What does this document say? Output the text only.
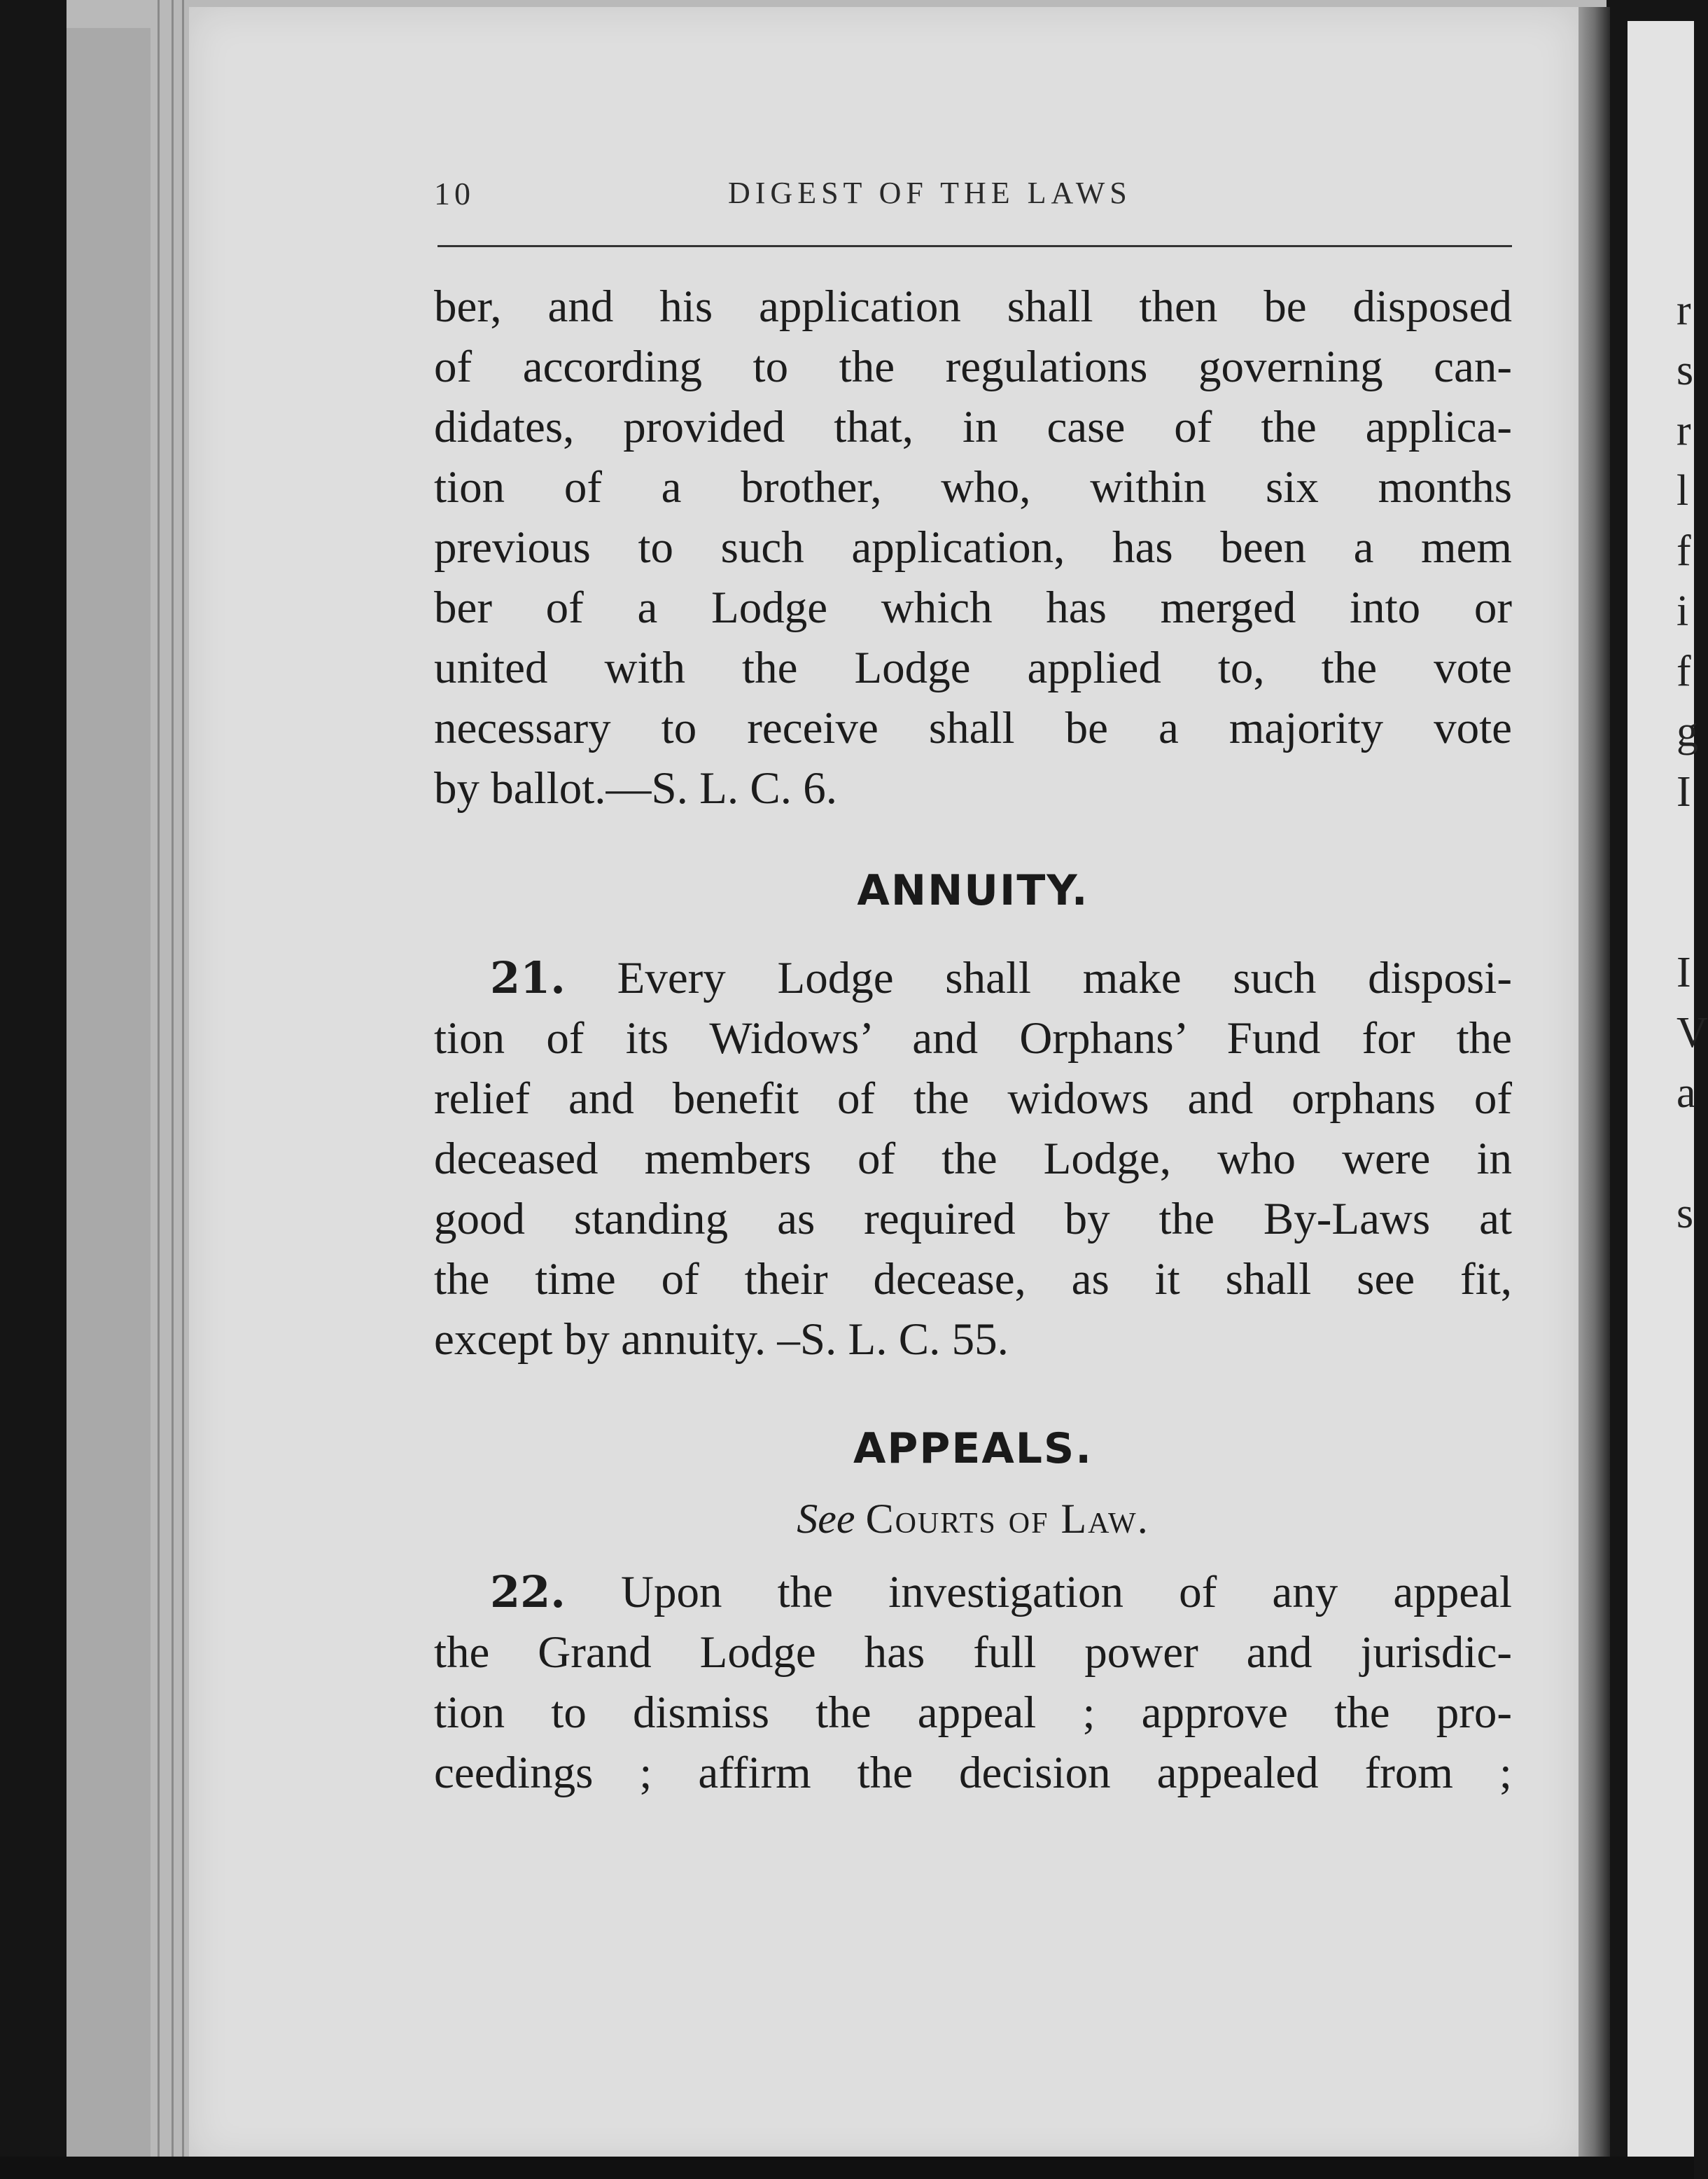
r
s
r
l
f
i
f
g
I
I
V
a
s
10	DIGEST OF THE LAWS
ber, and his application shall then be disposed
of according to the regulations governing can-
didates, provided that, in case of the applica-
tion of a brother, who, within six months
previous to such application, has been a mem
ber of a Lodge which has merged into or
united with the Lodge applied to, the vote
necessary to receive shall be a majority vote
by ballot.—S. L. C. 6.
ANNUITY.
21. Every Lodge shall make such disposi-
tion of its Widows’ and Orphans’ Fund for the
relief and benefit of the widows and orphans of
deceased members of the Lodge, who were in
good standing as required by the By-Laws at
the time of their decease, as it shall see fit,
except by annuity. –S. L. C. 55.
APPEALS.
See Courts of Law.
22. Upon the investigation of any appeal
the Grand Lodge has full power and jurisdic-
tion to dismiss the appeal ; approve the pro-
ceedings ; affirm the decision appealed from ;
